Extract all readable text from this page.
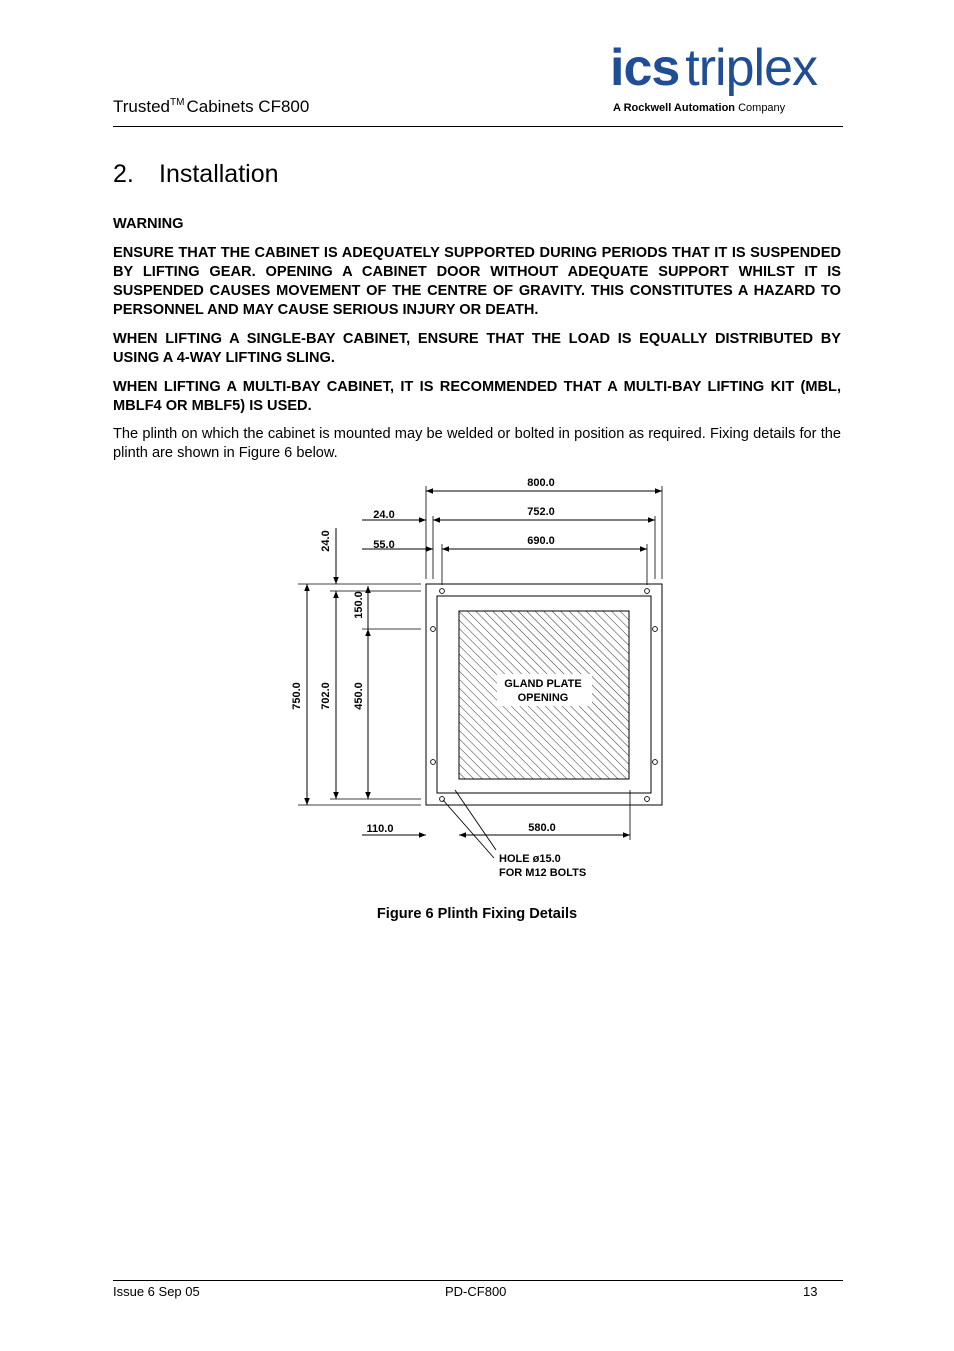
Trusted™ Cabinets CF800
ics triplex
A Rockwell Automation Company
2. Installation

WARNING

ENSURE THAT THE CABINET IS ADEQUATELY SUPPORTED DURING PERIODS THAT IT IS SUSPENDED BY LIFTING GEAR. OPENING A CABINET DOOR WITHOUT ADEQUATE SUPPORT WHILST IT IS SUSPENDED CAUSES MOVEMENT OF THE CENTRE OF GRAVITY. THIS CONSTITUTES A HAZARD TO PERSONNEL AND MAY CAUSE SERIOUS INJURY OR DEATH.

WHEN LIFTING A SINGLE-BAY CABINET, ENSURE THAT THE LOAD IS EQUALLY DISTRIBUTED BY USING A 4-WAY LIFTING SLING.

WHEN LIFTING A MULTI-BAY CABINET, IT IS RECOMMENDED THAT A MULTI-BAY LIFTING KIT (MBL, MBLF4 OR MBLF5) IS USED.

The plinth on which the cabinet is mounted may be welded or bolted in position as required. Fixing details for the plinth are shown in Figure 6 below.

GLAND PLATE
OPENING
800.0
752.0
690.0
24.0
55.0
110.0	580.0
24.0
150.0
750.0 702.0 450.0
HOLE ø15.0
FOR M12 BOLTS
Figure 6 Plinth Fixing Details
Issue 6 Sep 05	PD-CF800	13
